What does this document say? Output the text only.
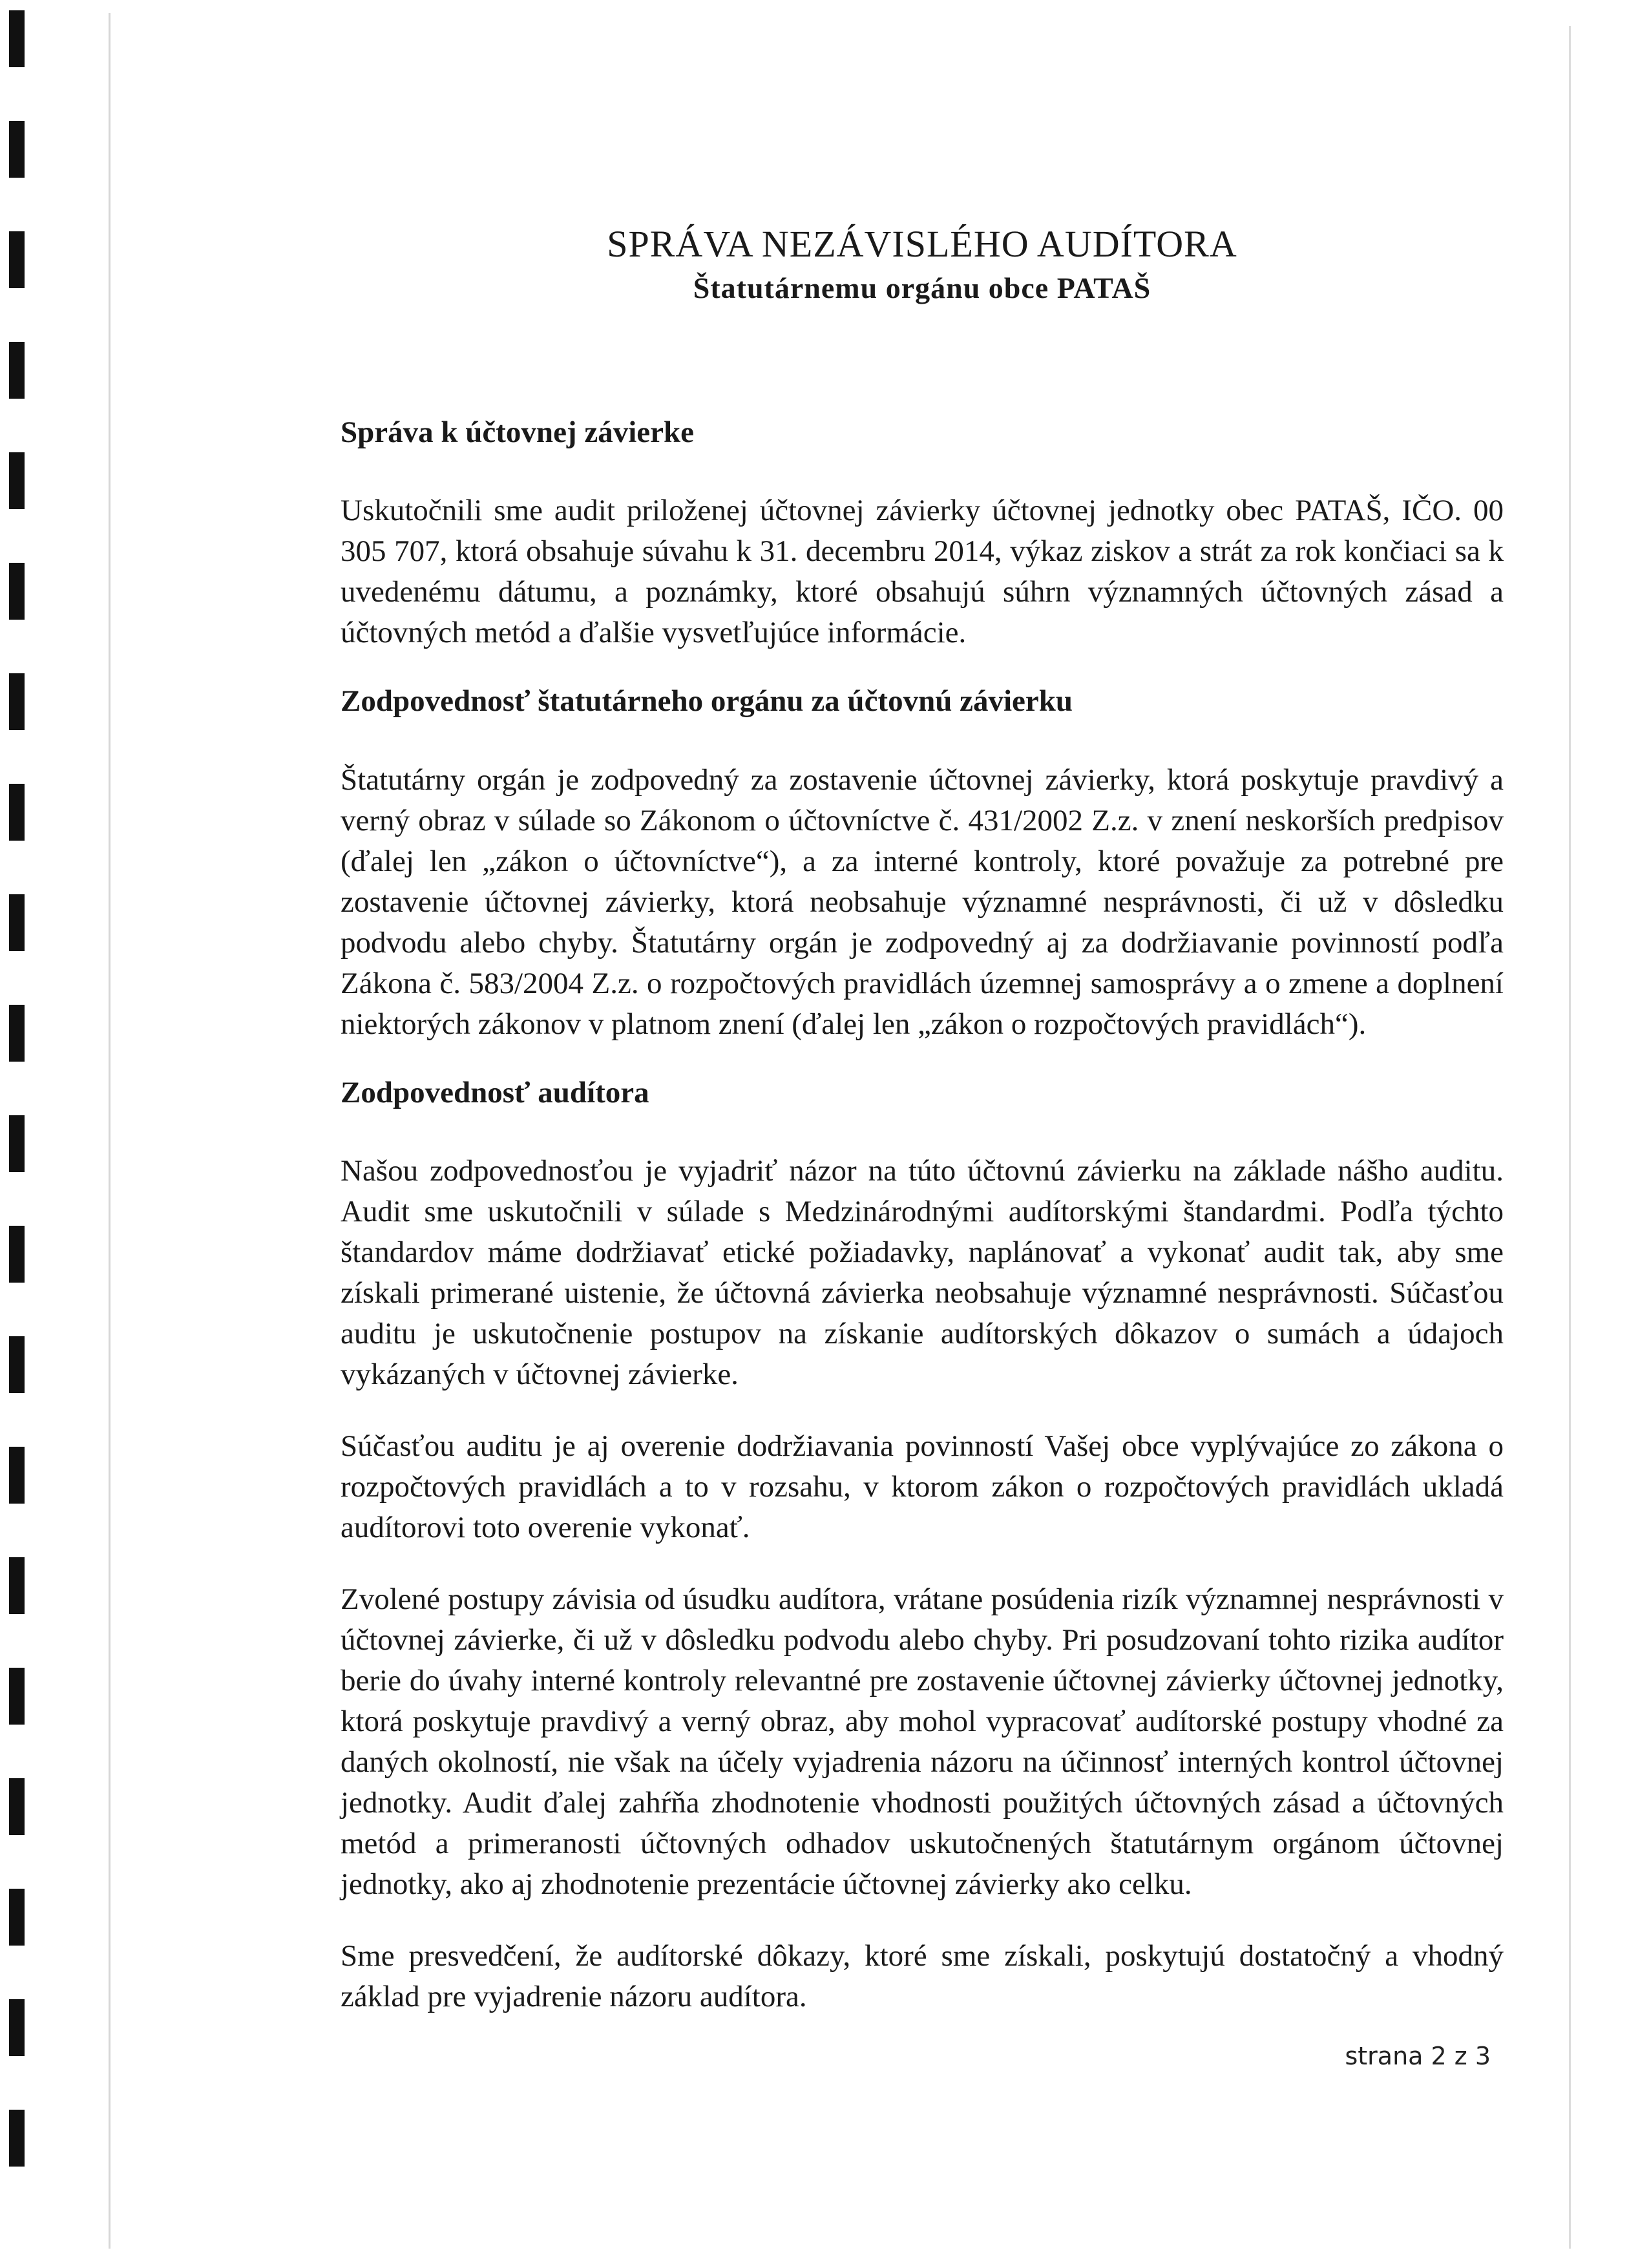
SPRÁVA NEZÁVISLÉHO AUDÍTORA
Štatutárnemu orgánu obce PATAŠ
Správa k účtovnej závierke

Uskutočnili sme audit priloženej účtovnej závierky účtovnej jednotky obec PATAŠ, IČO. 00 305 707, ktorá obsahuje súvahu k 31. decembru 2014, výkaz ziskov a strát za rok končiaci sa k uvedenému dátumu, a poznámky, ktoré obsahujú súhrn významných účtovných zásad a účtovných metód a ďalšie vysvetľujúce informácie.

Zodpovednosť štatutárneho orgánu za účtovnú závierku

Štatutárny orgán je zodpovedný za zostavenie účtovnej závierky, ktorá poskytuje pravdivý a verný obraz v súlade so Zákonom o účtovníctve č. 431/2002 Z.z. v znení neskorších predpisov (ďalej len „zákon o účtovníctve“), a za interné kontroly, ktoré považuje za potrebné pre zostavenie účtovnej závierky, ktorá neobsahuje významné nesprávnosti, či už v dôsledku podvodu alebo chyby. Štatutárny orgán je zodpovedný aj za dodržiavanie povinností podľa Zákona č. 583/2004 Z.z. o rozpočtových pravidlách územnej samosprávy a o zmene a doplnení niektorých zákonov v platnom znení (ďalej len „zákon o rozpočtových pravidlách“).

Zodpovednosť audítora

Našou zodpovednosťou je vyjadriť názor na túto účtovnú závierku na základe nášho auditu. Audit sme uskutočnili v súlade s Medzinárodnými audítorskými štandardmi. Podľa týchto štandardov máme dodržiavať etické požiadavky, naplánovať a vykonať audit tak, aby sme získali primerané uistenie, že účtovná závierka neobsahuje významné nesprávnosti. Súčasťou auditu je uskutočnenie postupov na získanie audítorských dôkazov o sumách a údajoch vykázaných v účtovnej závierke.

Súčasťou auditu je aj overenie dodržiavania povinností Vašej obce vyplývajúce zo zákona o rozpočtových pravidlách a to v rozsahu, v ktorom zákon o rozpočtových pravidlách ukladá audítorovi toto overenie vykonať.

Zvolené postupy závisia od úsudku audítora, vrátane posúdenia rizík významnej nesprávnosti v účtovnej závierke, či už v dôsledku podvodu alebo chyby. Pri posudzovaní tohto rizika audítor berie do úvahy interné kontroly relevantné pre zostavenie účtovnej závierky účtovnej jednotky, ktorá poskytuje pravdivý a verný obraz, aby mohol vypracovať audítorské postupy vhodné za daných okolností, nie však na účely vyjadrenia názoru na účinnosť interných kontrol účtovnej jednotky. Audit ďalej zahŕňa zhodnotenie vhodnosti použitých účtovných zásad a účtovných metód a primeranosti účtovných odhadov uskutočnených štatutárnym orgánom účtovnej jednotky, ako aj zhodnotenie prezentácie účtovnej závierky ako celku.

Sme presvedčení, že audítorské dôkazy, ktoré sme získali, poskytujú dostatočný a vhodný základ pre vyjadrenie názoru audítora.

strana 2 z 3
